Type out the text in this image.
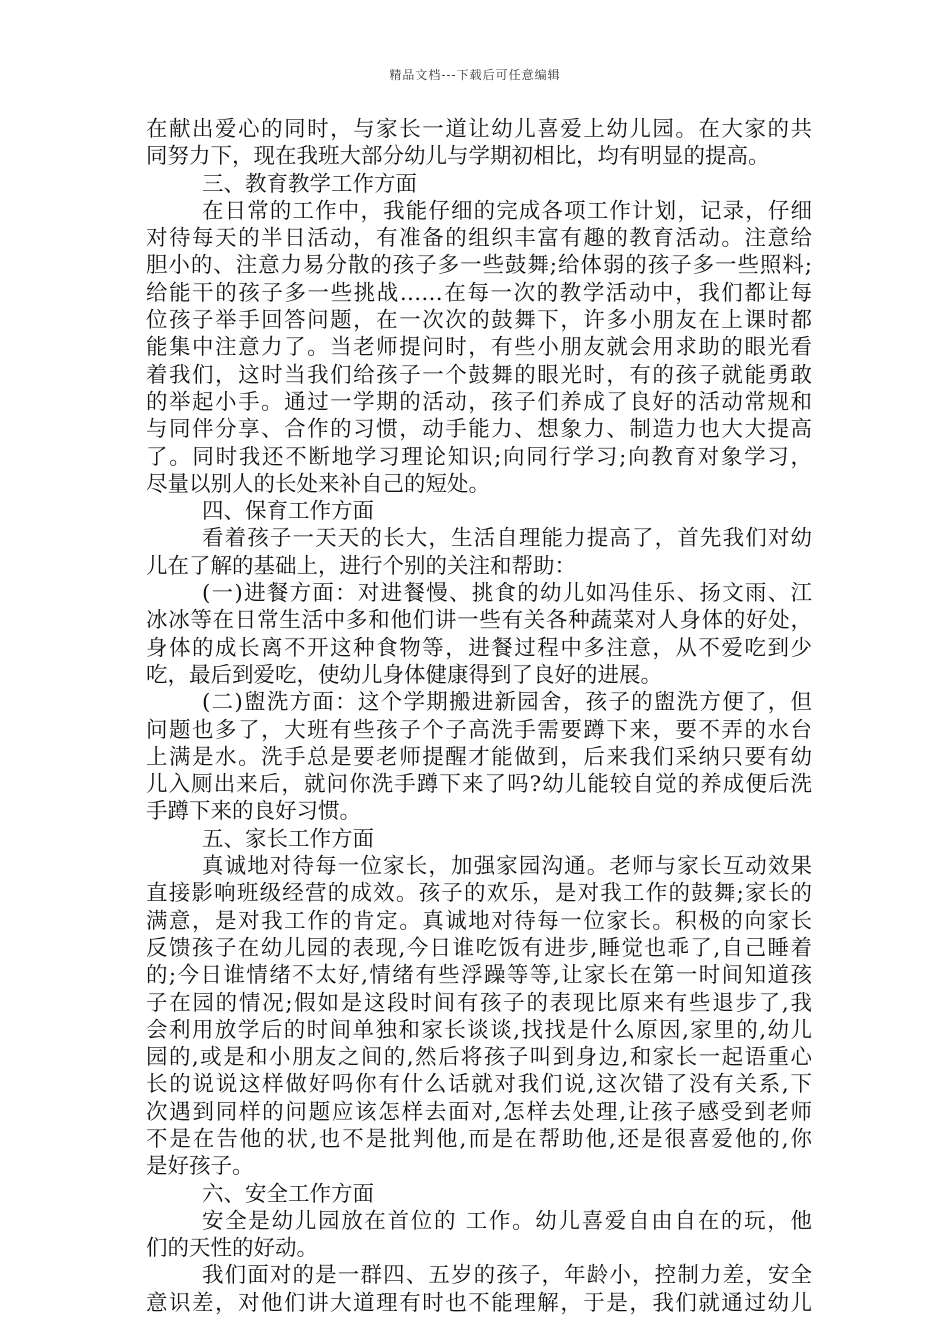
精品文档---下载后可任意编辑
在献出爱心的同时，与家长一道让幼儿喜爱上幼儿园。在大家的共
同努力下，现在我班大部分幼儿与学期初相比，均有明显的提高。
三、教育教学工作方面
在日常的工作中，我能仔细的完成各项工作计划，记录，仔细
对待每天的半日活动，有准备的组织丰富有趣的教育活动。注意给
胆小的、注意力易分散的孩子多一些鼓舞;给体弱的孩子多一些照料;
给能干的孩子多一些挑战……在每一次的教学活动中，我们都让每
位孩子举手回答问题，在一次次的鼓舞下，许多小朋友在上课时都
能集中注意力了。当老师提问时，有些小朋友就会用求助的眼光看
着我们，这时当我们给孩子一个鼓舞的眼光时，有的孩子就能勇敢
的举起小手。通过一学期的活动，孩子们养成了良好的活动常规和
与同伴分享、合作的习惯，动手能力、想象力、制造力也大大提高
了。同时我还不断地学习理论知识;向同行学习;向教育对象学习，
尽量以别人的长处来补自己的短处。
四、保育工作方面
看着孩子一天天的长大，生活自理能力提高了，首先我们对幼
儿在了解的基础上，进行个别的关注和帮助：
(一)进餐方面：对进餐慢、挑食的幼儿如冯佳乐、扬文雨、江
冰冰等在日常生活中多和他们讲一些有关各种蔬菜对人身体的好处，
身体的成长离不开这种食物等，进餐过程中多注意，从不爱吃到少
吃，最后到爱吃，使幼儿身体健康得到了良好的进展。
(二)盥洗方面：这个学期搬进新园舍，孩子的盥洗方便了，但
问题也多了，大班有些孩子个子高洗手需要蹲下来，要不弄的水台
上满是水。洗手总是要老师提醒才能做到，后来我们采纳只要有幼
儿入厕出来后，就问你洗手蹲下来了吗?幼儿能较自觉的养成便后洗
手蹲下来的良好习惯。
五、家长工作方面
真诚地对待每一位家长，加强家园沟通。老师与家长互动效果
直接影响班级经营的成效。孩子的欢乐，是对我工作的鼓舞;家长的
满意，是对我工作的肯定。真诚地对待每一位家长。积极的向家长
反馈孩子在幼儿园的表现,今日谁吃饭有进步,睡觉也乖了,自己睡着
的;今日谁情绪不太好,情绪有些浮躁等等,让家长在第一时间知道孩
子在园的情况;假如是这段时间有孩子的表现比原来有些退步了,我
会利用放学后的时间单独和家长谈谈,找找是什么原因,家里的,幼儿
园的,或是和小朋友之间的,然后将孩子叫到身边,和家长一起语重心
长的说说这样做好吗你有什么话就对我们说,这次错了没有关系,下
次遇到同样的问题应该怎样去面对,怎样去处理,让孩子感受到老师
不是在告他的状,也不是批判他,而是在帮助他,还是很喜爱他的,你
是好孩子。
六、安全工作方面
安全是幼儿园放在首位的 工作。幼儿喜爱自由自在的玩，他
们的天性的好动。
我们面对的是一群四、五岁的孩子，年龄小，控制力差，安全
意识差，对他们讲大道理有时也不能理解，于是，我们就通过幼儿
